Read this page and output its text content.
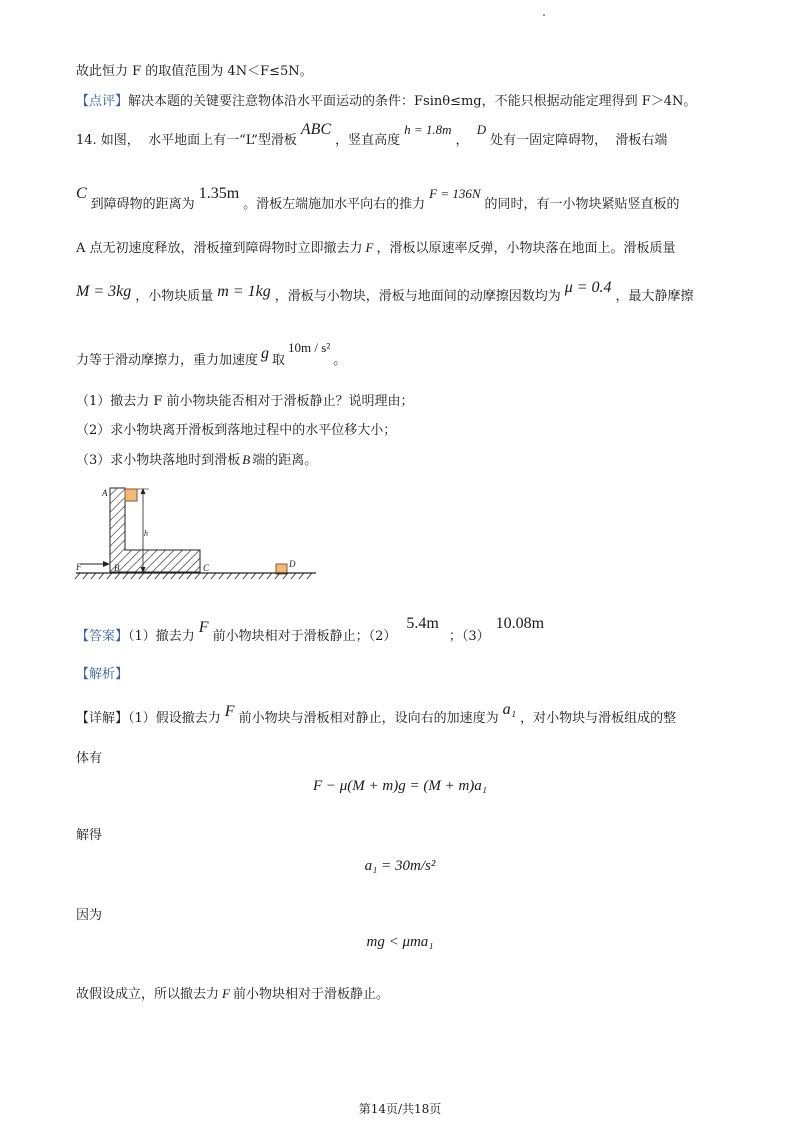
故此恒力 F 的取值范围为 4N＜F≤5N。
【点评】解决本题的关键要注意物体沿水平面运动的条件：Fsinθ≤mg，不能只根据动能定理得到 F＞4N。
14. 如图， 水平地面上有一“L”型滑板ABC，竖直高度h = 1.8m， D处有一固定障碍物， 滑板右端
C到障碍物的距离为1.35m。滑板左端施加水平向右的推力F = 136N的同时，有一小物块紧贴竖直板的
A 点无初速度释放，滑板撞到障碍物时立即撤去力 F ，滑板以原速率反弹，小物块落在地面上。滑板质量
M = 3kg ，小物块质量 m = 1kg ，滑板与小物块，滑板与地面间的动摩擦因数均为μ = 0.4，最大静摩擦
力等于滑动摩擦力，重力加速度 g 取10m / s²。
（1）撤去力 F 前小物块能否相对于滑板静止？说明理由；
（2）求小物块离开滑板到落地过程中的水平位移大小；
（3）求小物块落地时到滑板 B 端的距离。
A
h
F	B	C	D
【答案】（1）撤去力F前小物块相对于滑板静止；（2）5.4m；（3）10.08m
【解析】
【详解】（1）假设撤去力 F 前小物块与滑板相对静止，设向右的加速度为a₁，对小物块与滑板组成的整
体有
F − μ(M + m)g = (M + m)a₁
解得
a₁ = 30m/s²
因为
mg < μma₁
故假设成立，所以撤去力 F 前小物块相对于滑板静止。
第14页/共18页
